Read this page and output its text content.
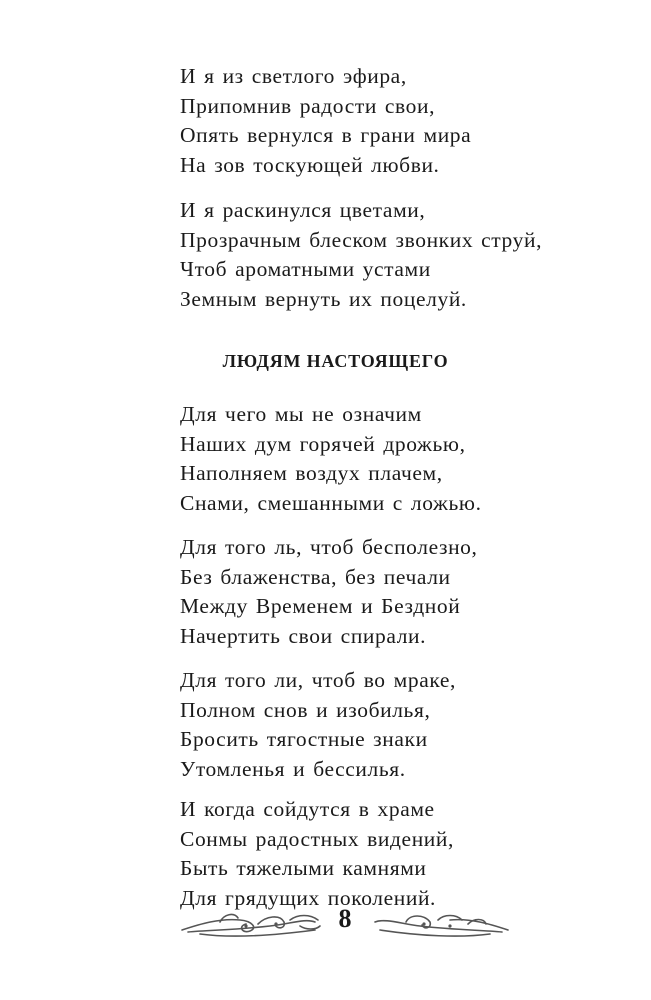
И я из светлого эфира,
Припомнив радости свои,
Опять вернулся в грани мира
На зов тоскующей любви.
И я раскинулся цветами,
Прозрачным блеском звонких струй,
Чтоб ароматными устами
Земным вернуть их поцелуй.
ЛЮДЯМ НАСТОЯЩЕГО
Для чего мы не означим
Наших дум горячей дрожью,
Наполняем воздух плачем,
Снами, смешанными с ложью.
Для того ль, чтоб бесполезно,
Без блаженства, без печали
Между Временем и Бездной
Начертить свои спирали.
Для того ли, чтоб во мраке,
Полном снов и изобилья,
Бросить тягостные знаки
Утомленья и бессилья.
И когда сойдутся в храме
Сонмы радостных видений,
Быть тяжелыми камнями
Для грядущих поколений.

8
